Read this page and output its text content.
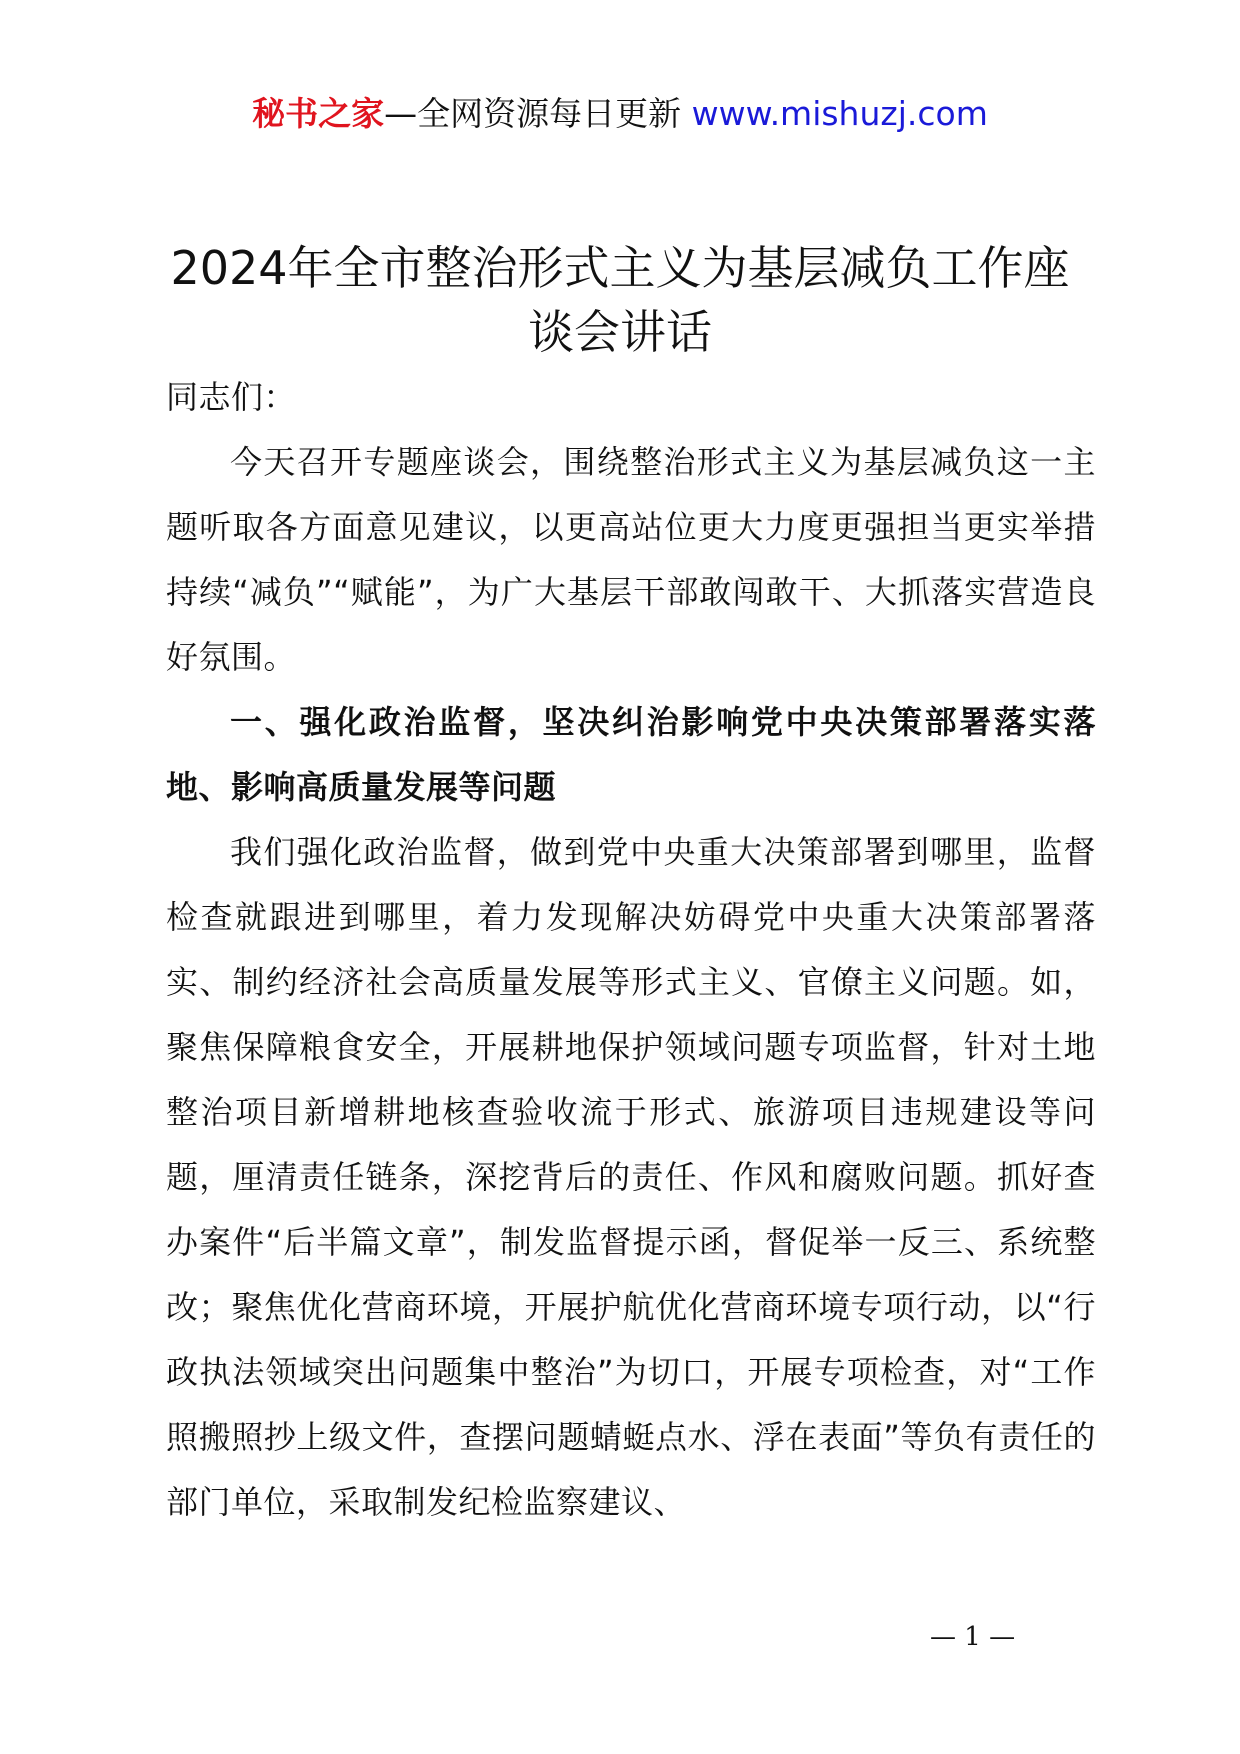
秘书之家—全网资源每日更新 www.mishuzj.com
2024年全市整治形式主义为基层减负工作座谈会讲话

同志们：

今天召开专题座谈会，围绕整治形式主义为基层减负这一主题听取各方面意见建议，以更高站位更大力度更强担当更实举措持续“减负”“赋能”，为广大基层干部敢闯敢干、大抓落实营造良好氛围。

一、强化政治监督，坚决纠治影响党中央决策部署落实落地、影响高质量发展等问题

我们强化政治监督，做到党中央重大决策部署到哪里，监督检查就跟进到哪里，着力发现解决妨碍党中央重大决策部署落实、制约经济社会高质量发展等形式主义、官僚主义问题。如，聚焦保障粮食安全，开展耕地保护领域问题专项监督，针对土地整治项目新增耕地核查验收流于形式、旅游项目违规建设等问题，厘清责任链条，深挖背后的责任、作风和腐败问题。抓好查办案件“后半篇文章”，制发监督提示函，督促举一反三、系统整改；聚焦优化营商环境，开展护航优化营商环境专项行动，以“行政执法领域突出问题集中整治”为切口，开展专项检查，对“工作照搬照抄上级文件，查摆问题蜻蜓点水、浮在表面”等负有责任的部门单位，采取制发纪检监察建议、

— 1 —
